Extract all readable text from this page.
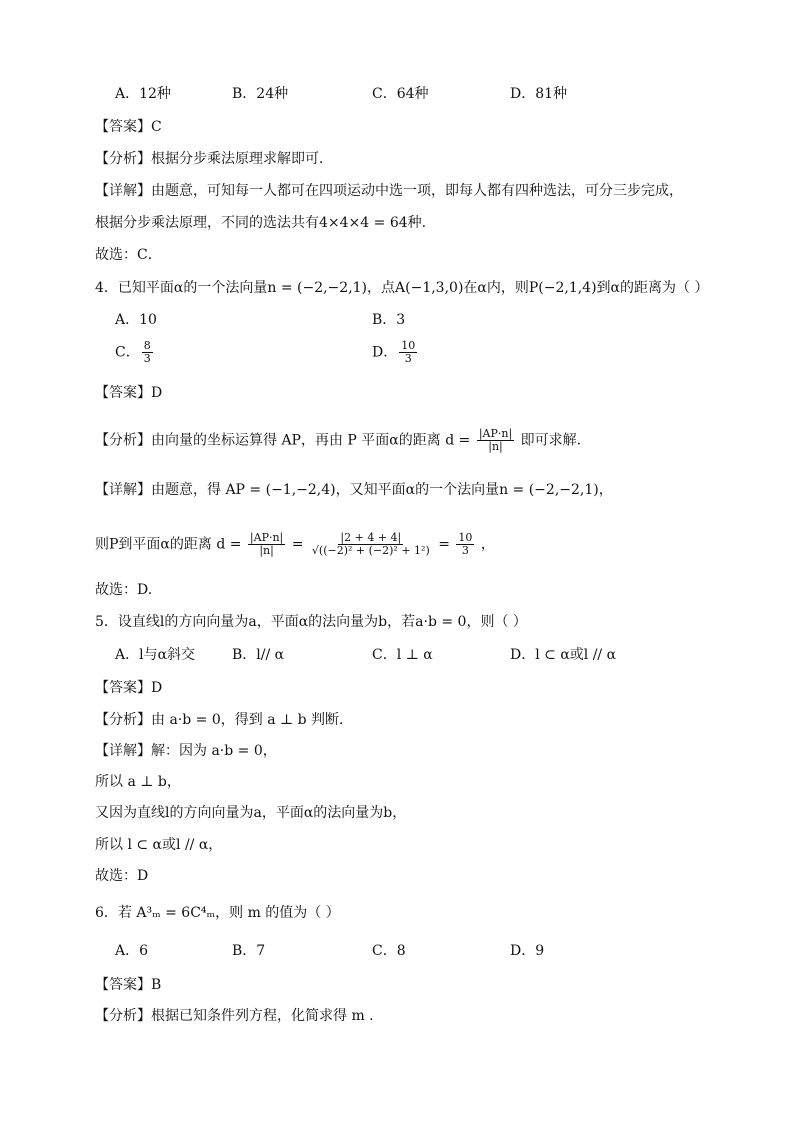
A．12种	B．24种	C．64种	D．81种
【答案】C
【分析】根据分步乘法原理求解即可．
【详解】由题意，可知每一人都可在四项运动中选一项，即每人都有四种选法，可分三步完成，
根据分步乘法原理，不同的选法共有4×4×4 = 64种.
故选：C．
4．已知平面α的一个法向量n = (−2,−2,1)，点A(−1,3,0)在α内，则P(−2,1,4)到α的距离为（ ）
A．10	B．3
C． $\frac{8}{3}$	D． $\frac{10}{3}$
【答案】D
【分析】由向量的坐标运算得 AP，再由 P 平面α的距离 $d = \frac{|AP\cdot n|}{|n|}$ 即可求解.
【详解】由题意，得 AP = (−1,−2,4)，又知平面α的一个法向量n = (−2,−2,1)，
则P到平面α的距离 $d = \frac{|AP\cdot n|}{|n|} = \frac{|2 + 4 + 4|}{\text{√((−2)² + (−2)² + 1²)}} = \frac{10}{3}$ ，
故选：D.
5．设直线l的方向向量为a，平面α的法向量为b，若a·b = 0，则（ ）
A．l与α斜交	B．l// α	C．l ⊥ α	D．l ⊂ α或l // α
【答案】D
【分析】由 a·b = 0，得到 a ⊥ b 判断.
【详解】解：因为 a·b = 0，
所以 a ⊥ b，
又因为直线l的方向向量为a，平面α的法向量为b，
所以 l ⊂ α或l // α，
故选：D
6．若 A³ₘ = 6C⁴ₘ，则 m 的值为（ ）
A．6	B．7	C．8	D．9
【答案】B
【分析】根据已知条件列方程，化简求得 m .
